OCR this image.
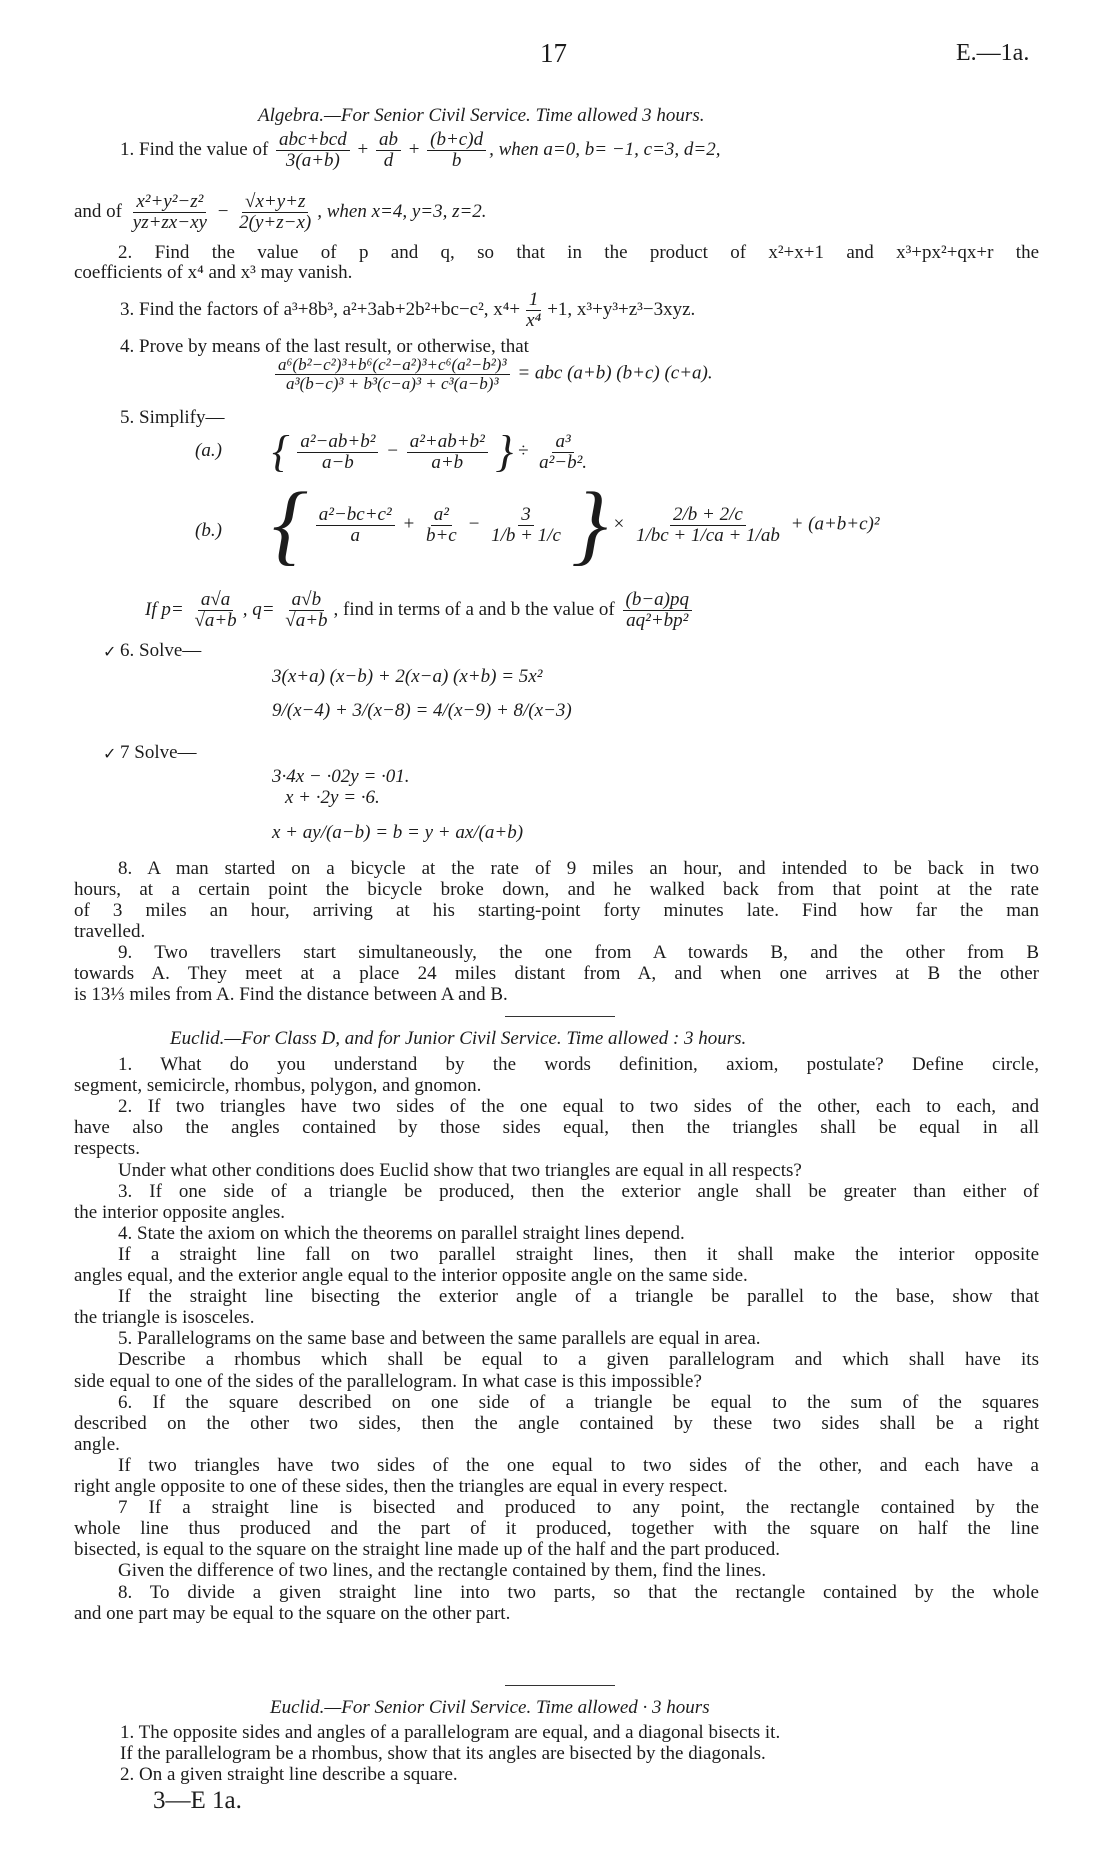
17	E.—1a.
Algebra.—For Senior Civil Service. Time allowed 3 hours.
1. Find the value of $\frac{\text{abc+bcd}}{3(a+b)} + \frac{ab}{d} + \frac{(b+c)d}{b}$ , when a=0, b= −1, c=3, d=2,
and of $\frac{\text{x²+y²−z²}}{yz+zx-xy} - \frac{√x+y+z}{2(y+z-x)}$ , when x=4, y=3, z=2.
2. Find the value of p and q, so that in the product of x²+x+1 and x³+px²+qx+r the
coefficients of x⁴ and x³ may vanish.
3. Find the factors of a³+8b³, a²+3ab+2b²+bc−c², $x^4+ \frac{1}{\text{x⁴}} +1$, x³+y³+z³−3xyz.
4. Prove by means of the last result, or otherwise, that
$\frac{\text{a⁶(b²−c²)³+b⁶(c²−a²)³+c⁶(a²−b²)³}}{\text{a³(b−c)³ + b³(c−a)³ + c³(a−b)³}}$ = abc (a+b) (b+c) (c+a).
5. Simplify—
(a.) { $\frac{\text{a²−ab+b²}}{a-b} - \frac{\text{a²+ab+b²}}{a+b}$ } ÷ $\frac{\text{a³}}{\text{a²−b².}}$
(b.) { $\frac{\text{a²−bc+c²}}{a} + \frac{\text{a²}}{b+c} - \frac{3}{1/b + 1/c}$ } × $\frac{2/b + 2/c}{1/bc + 1/ca + 1/ab} + (a+b+c)^2$
If $p= \frac{a√a}{√a+b}$ , $q= \frac{a√b}{√a+b}$ , find in terms of a and b the value of $\frac{(b-a)pq}{\text{aq²+bp²}}$
✓ 6. Solve—
3(x+a) (x−b) + 2(x−a) (x+b) = 5x²
9/(x−4) + 3/(x−8) = 4/(x−9) + 8/(x−3)
✓ 7 Solve—
3·4x − ·02y = ·01.
x + ·2y = ·6.
x + ay/(a−b) = b = y + ax/(a+b)
8. A man started on a bicycle at the rate of 9 miles an hour, and intended to be back in two
hours, at a certain point the bicycle broke down, and he walked back from that point at the rate
of 3 miles an hour, arriving at his starting-point forty minutes late. Find how far the man
travelled.
9. Two travellers start simultaneously, the one from A towards B, and the other from B
towards A. They meet at a place 24 miles distant from A, and when one arrives at B the other
is 13⅓ miles from A. Find the distance between A and B.
Euclid.—For Class D, and for Junior Civil Service. Time allowed : 3 hours.
1. What do you understand by the words definition, axiom, postulate? Define circle,
segment, semicircle, rhombus, polygon, and gnomon.
2. If two triangles have two sides of the one equal to two sides of the other, each to each, and
have also the angles contained by those sides equal, then the triangles shall be equal in all
respects.
Under what other conditions does Euclid show that two triangles are equal in all respects?
3. If one side of a triangle be produced, then the exterior angle shall be greater than either of
the interior opposite angles.
4. State the axiom on which the theorems on parallel straight lines depend.
If a straight line fall on two parallel straight lines, then it shall make the interior opposite
angles equal, and the exterior angle equal to the interior opposite angle on the same side.
If the straight line bisecting the exterior angle of a triangle be parallel to the base, show that
the triangle is isosceles.
5. Parallelograms on the same base and between the same parallels are equal in area.
Describe a rhombus which shall be equal to a given parallelogram and which shall have its
side equal to one of the sides of the parallelogram. In what case is this impossible?
6. If the square described on one side of a triangle be equal to the sum of the squares
described on the other two sides, then the angle contained by these two sides shall be a right
angle.
If two triangles have two sides of the one equal to two sides of the other, and each have a
right angle opposite to one of these sides, then the triangles are equal in every respect.
7 If a straight line is bisected and produced to any point, the rectangle contained by the
whole line thus produced and the part of it produced, together with the square on half the line
bisected, is equal to the square on the straight line made up of the half and the part produced.
Given the difference of two lines, and the rectangle contained by them, find the lines.
8. To divide a given straight line into two parts, so that the rectangle contained by the whole
and one part may be equal to the square on the other part.
Euclid.—For Senior Civil Service. Time allowed · 3 hours
1. The opposite sides and angles of a parallelogram are equal, and a diagonal bisects it.
If the parallelogram be a rhombus, show that its angles are bisected by the diagonals.
2. On a given straight line describe a square.
3—E 1a.
